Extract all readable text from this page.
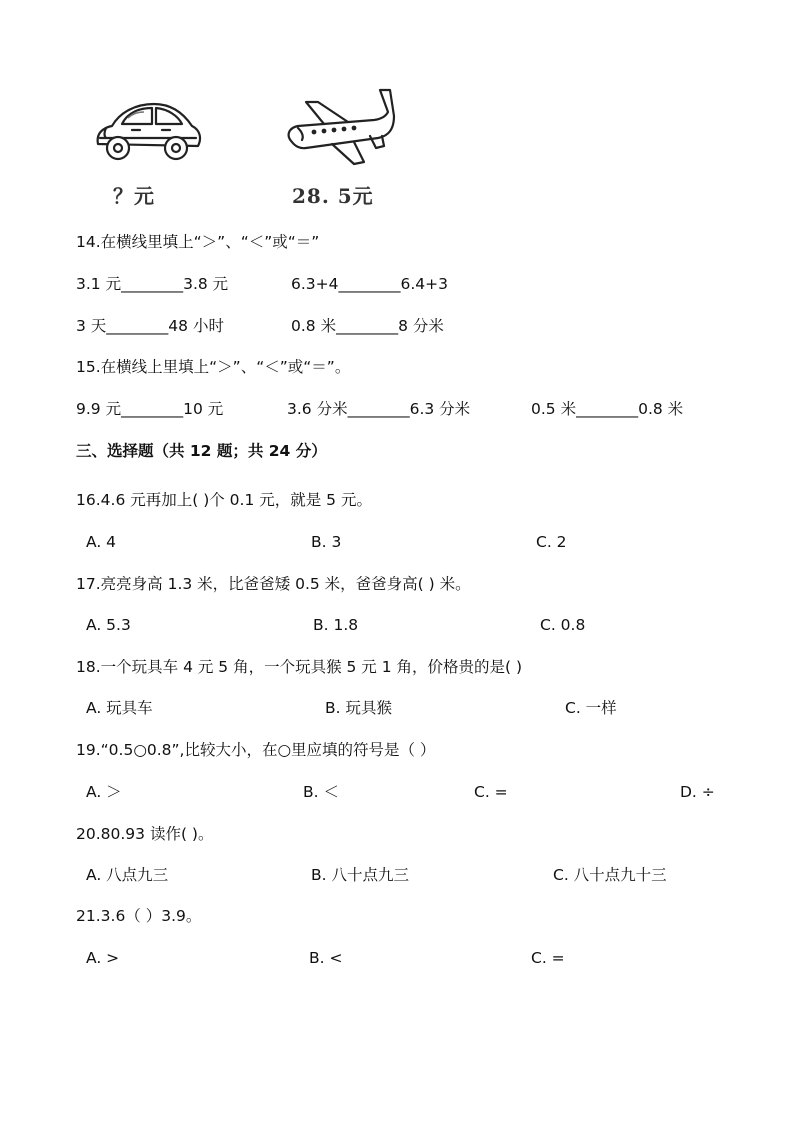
？元	28. 5元
14.在横线里填上“＞”、“＜”或“＝”
3.1 元________3.8 元	6.3+4________6.4+3
3 天________48 小时	0.8 米________8 分米
15.在横线上里填上“＞”、“＜”或“＝”。
9.9 元________10 元	3.6 分米________6.3 分米	0.5 米________0.8 米
三、选择题（共 12 题；共 24 分）
16.4.6 元再加上( )个 0.1 元，就是 5 元。
A. 4	B. 3	C. 2
17.亮亮身高 1.3 米，比爸爸矮 0.5 米，爸爸身高( ) 米。
A. 5.3	B. 1.8	C. 0.8
18.一个玩具车 4 元 5 角，一个玩具猴 5 元 1 角，价格贵的是( )
A. 玩具车	B. 玩具猴	C. 一样
19.“0.5○0.8”,比较大小，在○里应填的符号是（ ）
A. ＞	B. ＜	C. =	D. ÷
20.80.93 读作( )。
A. 八点九三	B. 八十点九三	C. 八十点九十三
21.3.6（ ）3.9。
A. >	B. <	C. =
